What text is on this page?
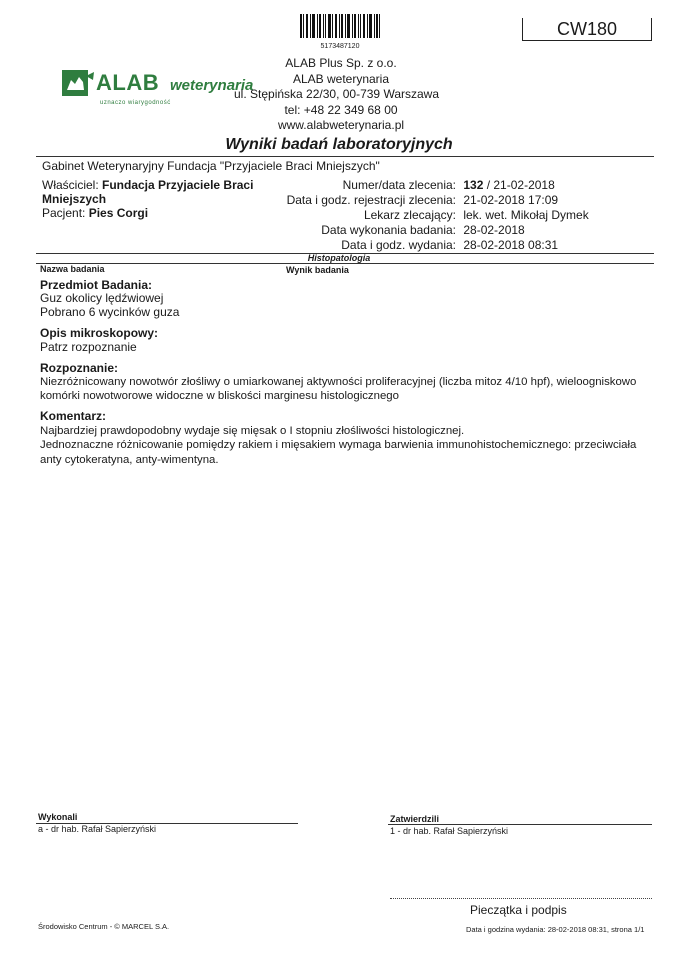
5173487120
CW180
ALAB weterynaria
uznaczo wiarygodność
ALAB Plus Sp. z o.o.
ALAB weterynaria
ul. Stępińska 22/30, 00-739 Warszawa
tel: +48 22 349 68 00
www.alabweterynaria.pl
Wyniki badań laboratoryjnych
Gabinet Weterynaryjny Fundacja "Przyjaciele Braci Mniejszych"
Właściciel: Fundacja Przyjaciele Braci
Mniejszych
Pacjent: Pies Corgi
Numer/data zlecenia: 132 / 21-02-2018
Data i godz. rejestracji zlecenia: 21-02-2018 17:09
Lekarz zlecający: lek. wet. Mikołaj Dymek
Data wykonania badania: 28-02-2018
Data i godz. wydania: 28-02-2018 08:31
Histopatologia
Nazwa badania	Wynik badania
Przedmiot Badania:
Guz okolicy lędźwiowej
Pobrano 6 wycinków guza
Opis mikroskopowy:
Patrz rozpoznanie
Rozpoznanie:
Niezróżnicowany nowotwór złośliwy o umiarkowanej aktywności proliferacyjnej (liczba mitoz 4/10 hpf), wieloogniskowo
komórki nowotworowe widoczne w bliskości marginesu histologicznego
Komentarz:
Najbardziej prawdopodobny wydaje się mięsak o I stopniu złośliwości histologicznej.
Jednoznaczne różnicowanie pomiędzy rakiem i mięsakiem wymaga barwienia immunohistochemicznego: przeciwciała
anty cytokeratyna, anty-wimentyna.
Wykonali
a - dr hab. Rafał Sapierzyński
Zatwierdzili
1 - dr hab. Rafał Sapierzyński
Pieczątka i podpis
Środowisko Centrum - © MARCEL S.A.	Data i godzina wydania: 28-02-2018 08:31, strona 1/1
